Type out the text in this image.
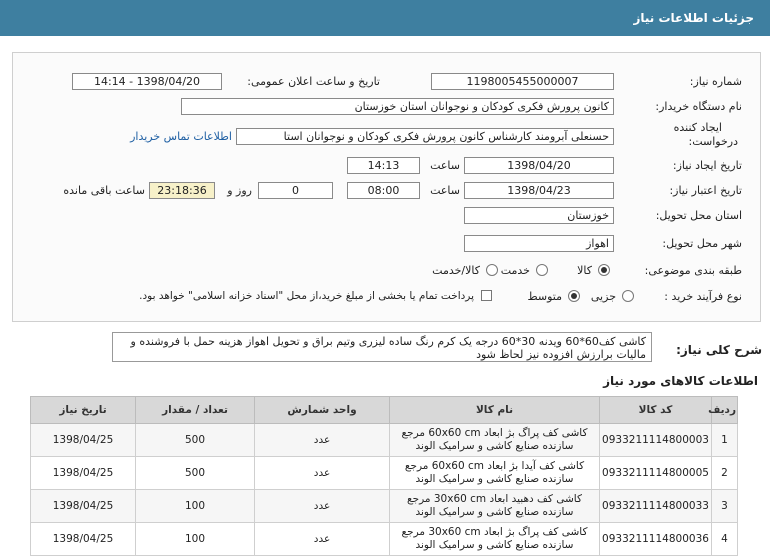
جزئیات اطلاعات نیاز
شماره نیاز:
1198005455000007
تاریخ و ساعت اعلان عمومی:
1398/04/20 - 14:14
نام دستگاه خریدار:
کانون پرورش فکری کودکان و نوجوانان استان خوزستان
ایجاد کننده
درخواست:
حسنعلی آبرومند کارشناس کانون پرورش فکری کودکان و نوجوانان استا
اطلاعات تماس خریدار
تاریخ ایجاد نیاز:
1398/04/20
ساعت
14:13
تاریخ اعتبار نیاز:
1398/04/23
ساعت
08:00
0
روز و
23:18:36
ساعت باقی مانده
استان محل تحویل:
خوزستان
شهر محل تحویل:
اهواز
طبقه بندی موضوعی:
کالا
خدمت
کالا/خدمت
نوع فرآیند خرید :
جزیی
متوسط
پرداخت تمام یا بخشی از مبلغ خرید،از محل "اسناد خزانه اسلامی" خواهد بود.
شرح کلی نیاز:
کاشی کف60*60 ویدنه 30*60 درجه یک کرم رنگ ساده لیزری وتیم براق و تحویل اهواز هزینه حمل با فروشنده و مالیات برارزش افزوده نیز لحاظ شود
اطلاعات کالاهای مورد نیاز
ردیف	کد کالا	نام کالا	واحد شمارش	تعداد / مقدار	تاریخ نیاز
1	0933211114800003	کاشی کف پراگ بژ ابعاد 60x60 cm مرجع سازنده صنایع کاشی و سرامیک الوند	عدد	500	1398/04/25
2	0933211114800005	کاشی کف آیدا بژ ابعاد 60x60 cm مرجع سازنده صنایع کاشی و سرامیک الوند	عدد	500	1398/04/25
3	0933211114800033	کاشی کف دهبید ابعاد 30x60 cm مرجع سازنده صنایع کاشی و سرامیک الوند	عدد	100	1398/04/25
4	0933211114800036	کاشی کف پراگ بژ ابعاد 30x60 cm مرجع سازنده صنایع کاشی و سرامیک الوند	عدد	100	1398/04/25
